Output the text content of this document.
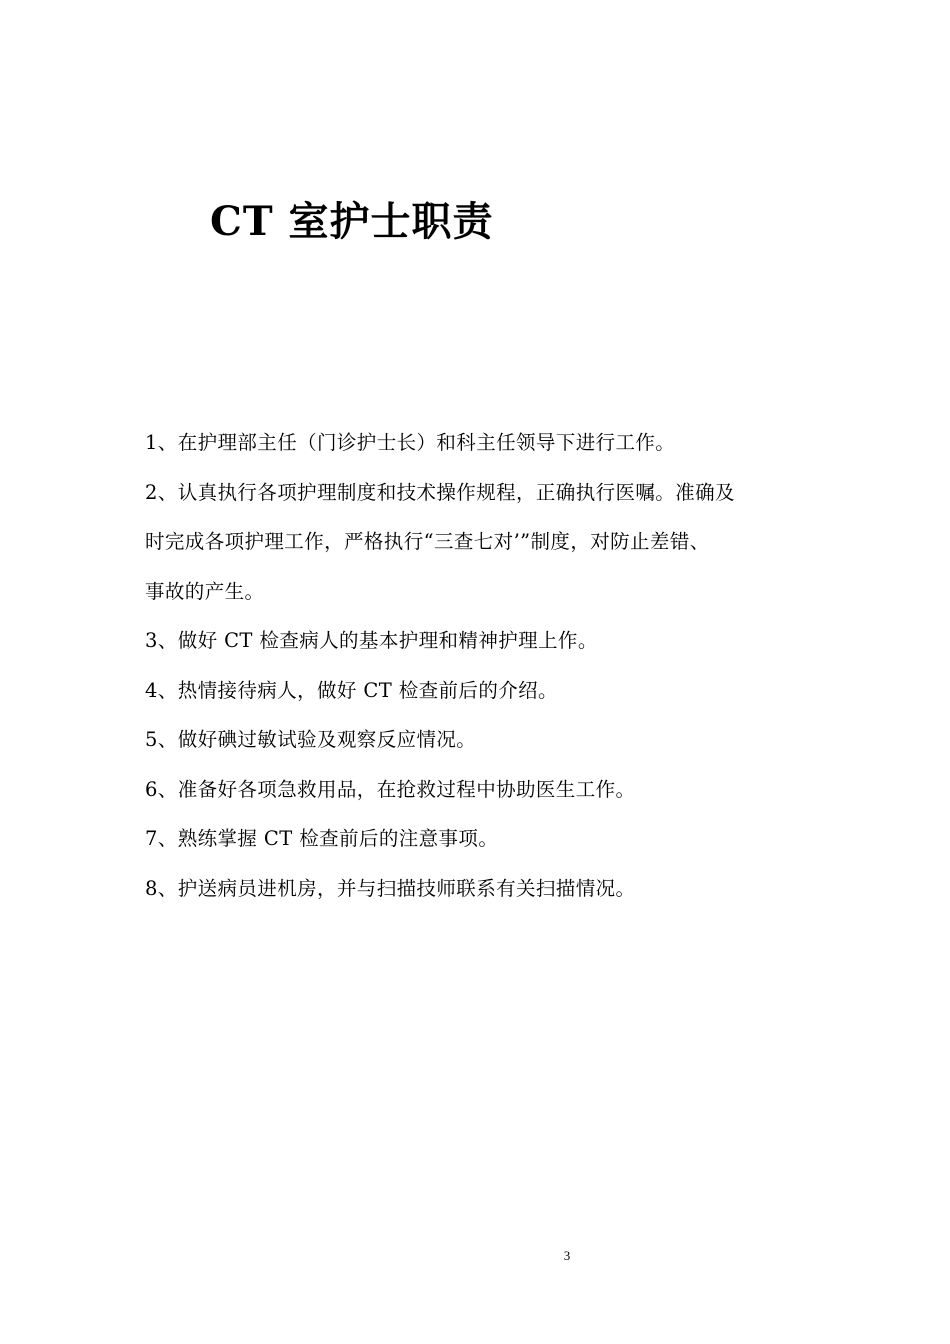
CT 室护士职责
1、在护理部主任（门诊护士长）和科主任领导下进行工作。
2、认真执行各项护理制度和技术操作规程，正确执行医嘱。准确及
时完成各项护理工作，严格执行“三查七对’”制度，对防止差错、
事故的产生。
3、做好 CT 检查病人的基本护理和精神护理上作。
4、热情接待病人，做好 CT 检查前后的介绍。
5、做好碘过敏试验及观察反应情况。
6、准备好各项急救用品，在抢救过程中协助医生工作。
7、熟练掌握 CT 检查前后的注意事项。
8、护送病员进机房，并与扫描技师联系有关扫描情况。
3
